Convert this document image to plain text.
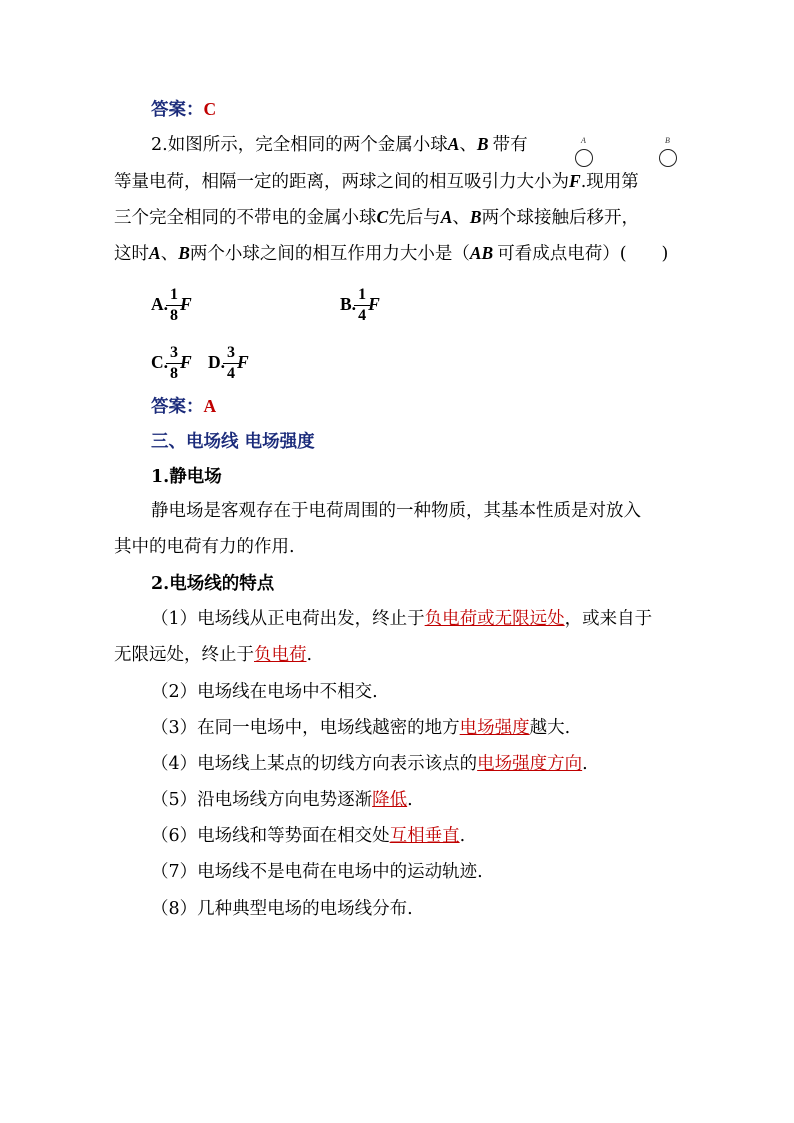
答案：C
2.如图所示，完全相同的两个金属小球A、B 带有	A	B
等量电荷，相隔一定的距离，两球之间的相互吸引力大小为F.现用第
三个完全相同的不带电的金属小球C先后与A、B两个球接触后移开，
这时A、B两个小球之间的相互作用力大小是（AB 可看成点电荷）(　　)
A. $\frac{1}{8}$ F	B. $\frac{1}{4}$ F
C. $\frac{3}{8}$ F D. $\frac{3}{4}$ F
答案：A
三、电场线 电场强度
1.静电场
静电场是客观存在于电荷周围的一种物质，其基本性质是对放入
其中的电荷有力的作用.
2.电场线的特点
（1）电场线从正电荷出发，终止于负电荷或无限远处，或来自于
无限远处，终止于负电荷.
（2）电场线在电场中不相交.
（3）在同一电场中，电场线越密的地方电场强度越大.
（4）电场线上某点的切线方向表示该点的电场强度方向.
（5）沿电场线方向电势逐渐降低.
（6）电场线和等势面在相交处互相垂直.
（7）电场线不是电荷在电场中的运动轨迹.
（8）几种典型电场的电场线分布.
